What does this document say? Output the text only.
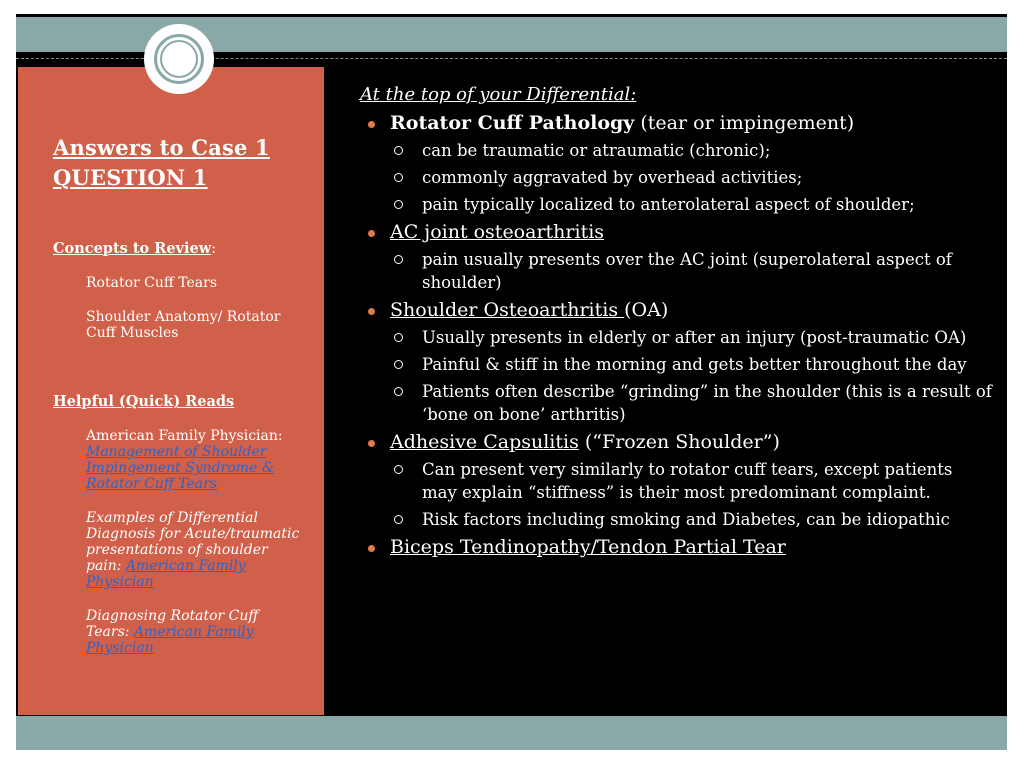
Answers to Case 1
QUESTION 1
Concepts to Review:
Rotator Cuff Tears
Shoulder Anatomy/ Rotator Cuff Muscles
Helpful (Quick) Reads
American Family Physician: Management of Shoulder Impingement Syndrome & Rotator Cuff Tears
Examples of Differential Diagnosis for Acute/traumatic presentations of shoulder pain: American Family Physician
Diagnosing Rotator Cuff Tears: American Family Physician
At the top of your Differential:
Rotator Cuff Pathology (tear or impingement)
can be traumatic or atraumatic (chronic);
commonly aggravated by overhead activities;
pain typically localized to anterolateral aspect of shoulder;
AC joint osteoarthritis
pain usually presents over the AC joint (superolateral aspect of shoulder)
Shoulder Osteoarthritis (OA)
Usually presents in elderly or after an injury (post-traumatic OA)
Painful & stiff in the morning and gets better throughout the day
Patients often describe “grinding” in the shoulder (this is a result of ‘bone on bone’ arthritis)
Adhesive Capsulitis (“Frozen Shoulder”)
Can present very similarly to rotator cuff tears, except patients may explain “stiffness” is their most predominant complaint.
Risk factors including smoking and Diabetes, can be idiopathic
Biceps Tendinopathy/Tendon Partial Tear
